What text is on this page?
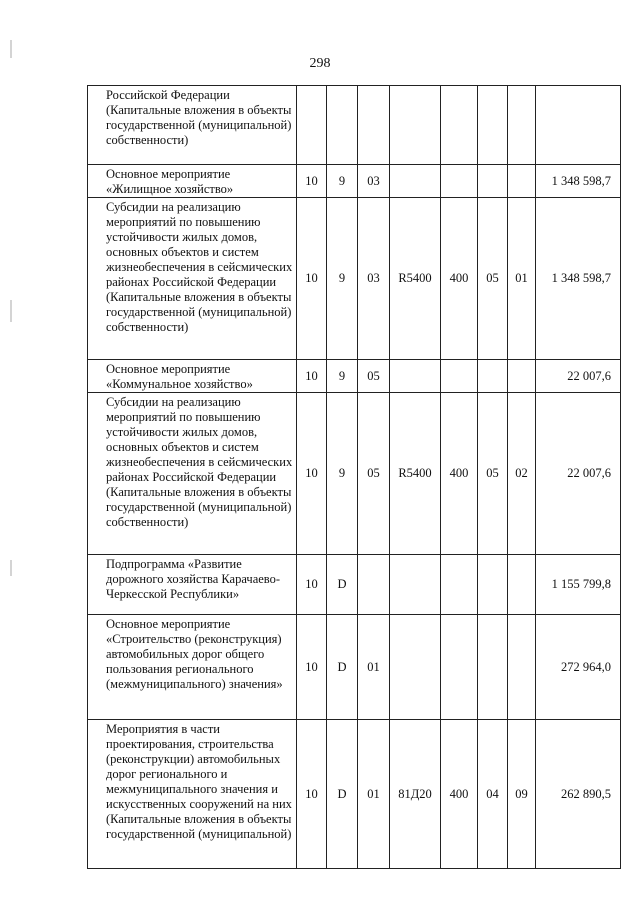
298
Российской Федерации (Капитальные вложения в объекты государственной (муниципальной) собственности)								
Основное мероприятие «Жилищное хозяйство»	10	9	03					1 348 598,7
Субсидии на реализацию мероприятий по повышению устойчивости жилых домов, основных объектов и систем жизнеобеспечения в сейсмических районах Российской Федерации (Капитальные вложения в объекты государственной (муниципальной) собственности)	10	9	03	R5400	400	05	01	1 348 598,7
Основное мероприятие «Коммунальное хозяйство»	10	9	05					22 007,6
Субсидии на реализацию мероприятий по повышению устойчивости жилых домов, основных объектов и систем жизнеобеспечения в сейсмических районах Российской Федерации (Капитальные вложения в объекты государственной (муниципальной) собственности)	10	9	05	R5400	400	05	02	22 007,6
Подпрограмма «Развитие дорожного хозяйства Карачаево-Черкесской Республики»	10	D						1 155 799,8
Основное мероприятие «Строительство (реконструкция) автомобильных дорог общего пользования регионального (межмуниципального) значения»	10	D	01					272 964,0
Мероприятия в части проектирования, строительства (реконструкции) автомобильных дорог регионального и межмуниципального значения и искусственных сооружений на них (Капитальные вложения в объекты государственной (муниципальной)	10	D	01	81Д20	400	04	09	262 890,5
